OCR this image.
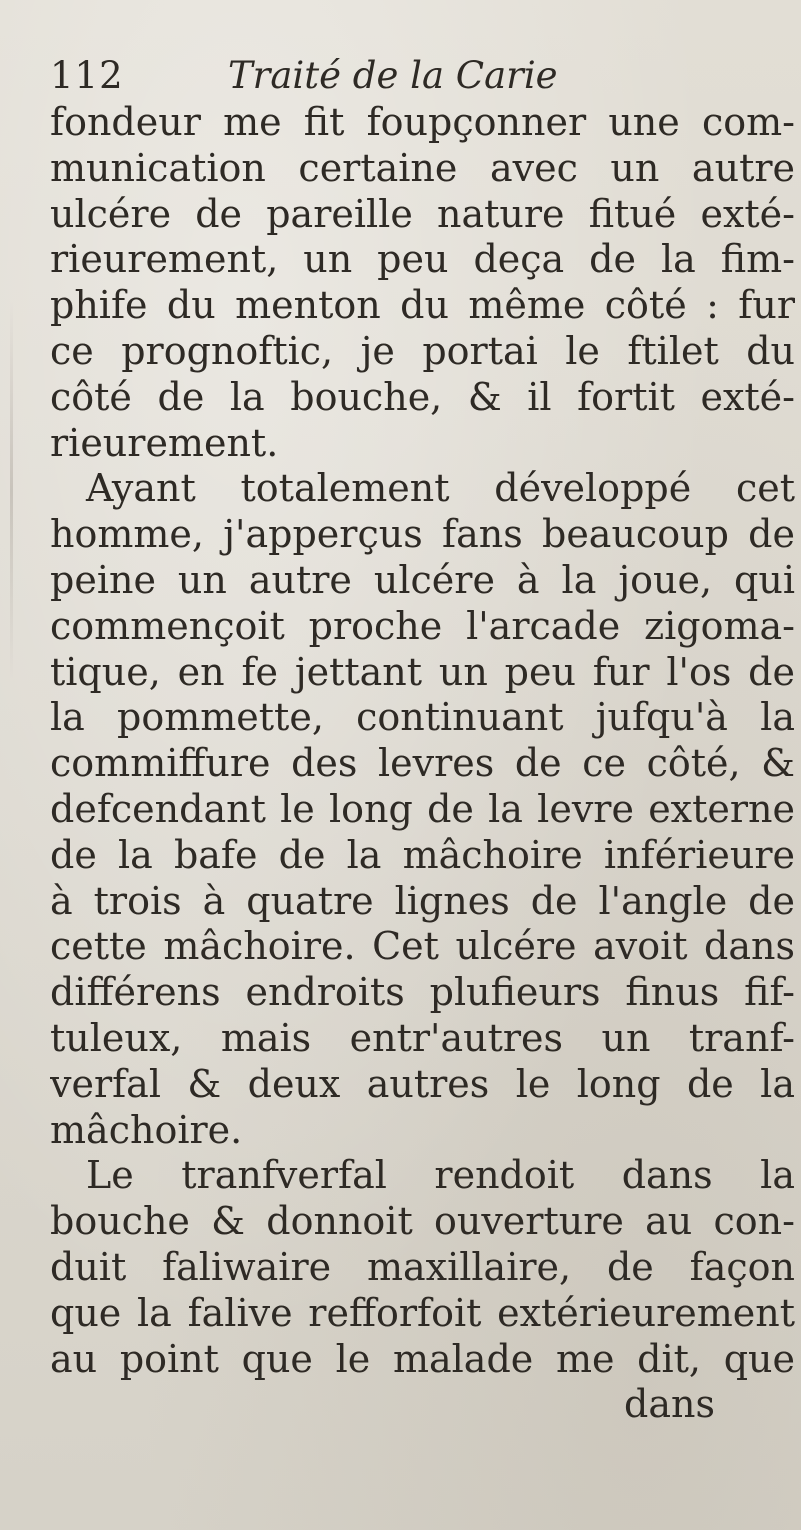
112	Traité de la Carie
fondeur me fit foupçonner une com-
munication certaine avec un autre
ulcére de pareille nature fitué exté-
rieurement, un peu deça de la fim-
phife du menton du même côté : fur
ce prognoftic, je portai le ftilet du
côté de la bouche, & il fortit exté-
rieurement.
Ayant totalement développé cet
homme, j'apperçus fans beaucoup de
peine un autre ulcére à la joue, qui
commençoit proche l'arcade zigoma-
tique, en fe jettant un peu fur l'os de
la pommette, continuant jufqu'à la
commiffure des levres de ce côté, &
defcendant le long de la levre externe
de la bafe de la mâchoire inférieure
à trois à quatre lignes de l'angle de
cette mâchoire. Cet ulcére avoit dans
différens endroits plufieurs finus fif-
tuleux, mais entr'autres un tranf-
verfal & deux autres le long de la
mâchoire.
Le tranfverfal rendoit dans la
bouche & donnoit ouverture au con-
duit faliwaire maxillaire, de façon
que la falive refforfoit extérieurement
au point que le malade me dit, que
dans
